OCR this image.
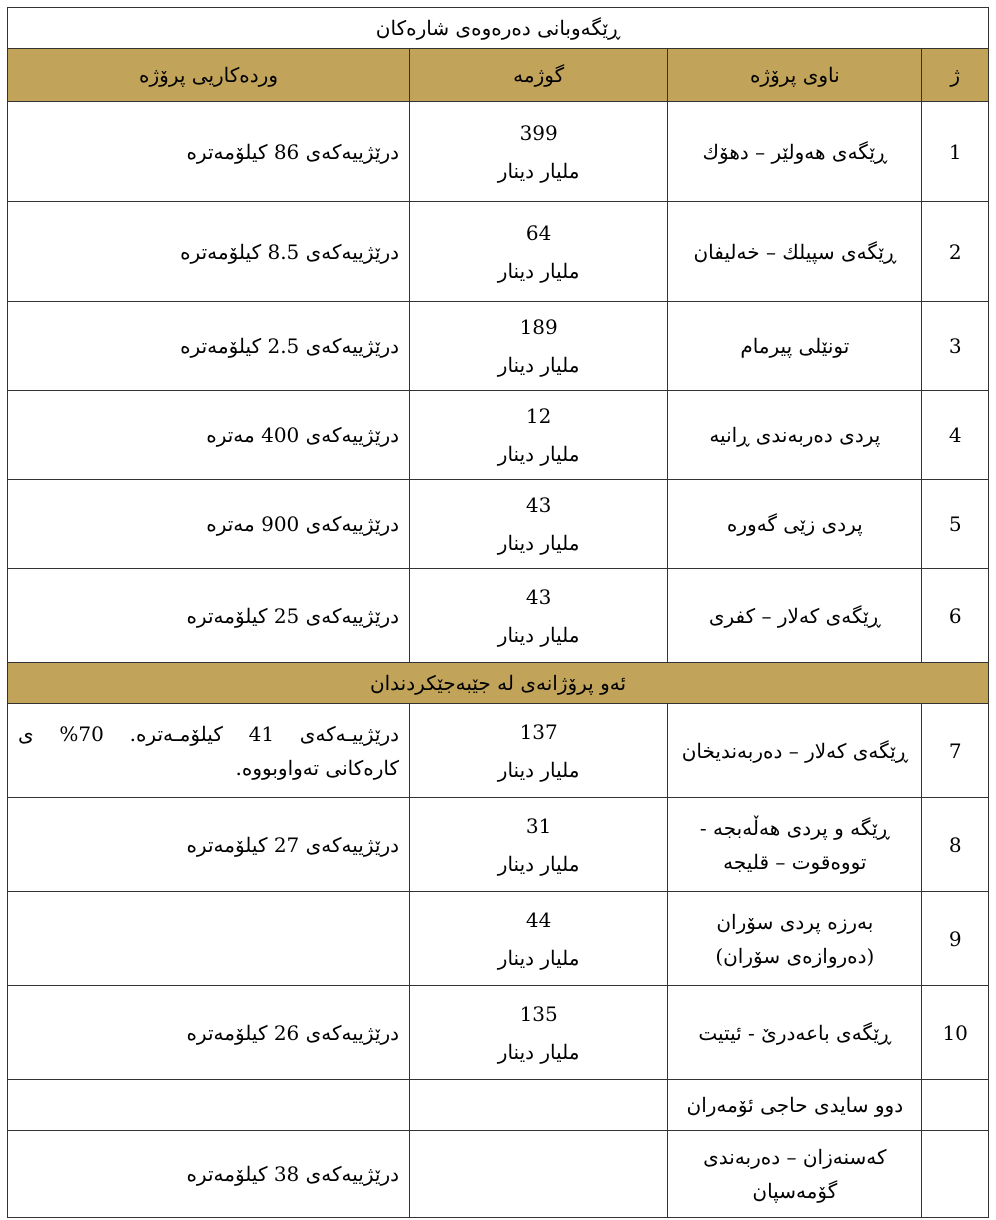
ڕێگەوبانی دەرەوەی شارەکان			
ژ	ناوی پرۆژە	گوژمە	وردەکاریی پرۆژە
1	ڕێگەی هەولێر – دهۆك	399
مليار دينار	درێژییەکەی 86 کیلۆمەترە
2	ڕێگەی سپیلك – خەلیفان	64
مليار دينار	درێژییەکەی 8.5 کیلۆمەترە
3	تونێلی پیرمام	189
مليار دينار	درێژییەکەی 2.5 کیلۆمەترە
4	پردی دەربەندی ڕانیە	12
مليار دينار	درێژییەکەی 400 مەترە
5	پردی زێی گەورە	43
مليار دينار	درێژییەکەی 900 مەترە
6	ڕێگەی کەلار – کفری	43
مليار دينار	درێژییەکەی 25 کیلۆمەترە
ئەو پرۆژانەی لە جێبەجێکردندان			
7	ڕێگەی کەلار – دەربەندیخان	137
مليار دينار	درێژییـەکەی 41 کیلۆمـەترە. 70% ی کارەکانی تەواوبووە.
8	ڕێگە و پردی هەڵەبجە - تووەقوت – قلیجە	31
مليار دينار	درێژییەکەی 27 کیلۆمەترە
9	بەرزە پردی سۆران (دەروازەی سۆران)	44
مليار دينار	

10	ڕێگەی باعەدرێ - ئیتیت	135
مليار دينار	درێژییەکەی 26 کیلۆمەترە
	دوو سایدی حاجی ئۆمەران		
	کەسنەزان – دەربەندی گۆمەسپان		درێژییەکەی 38 کیلۆمەترە
